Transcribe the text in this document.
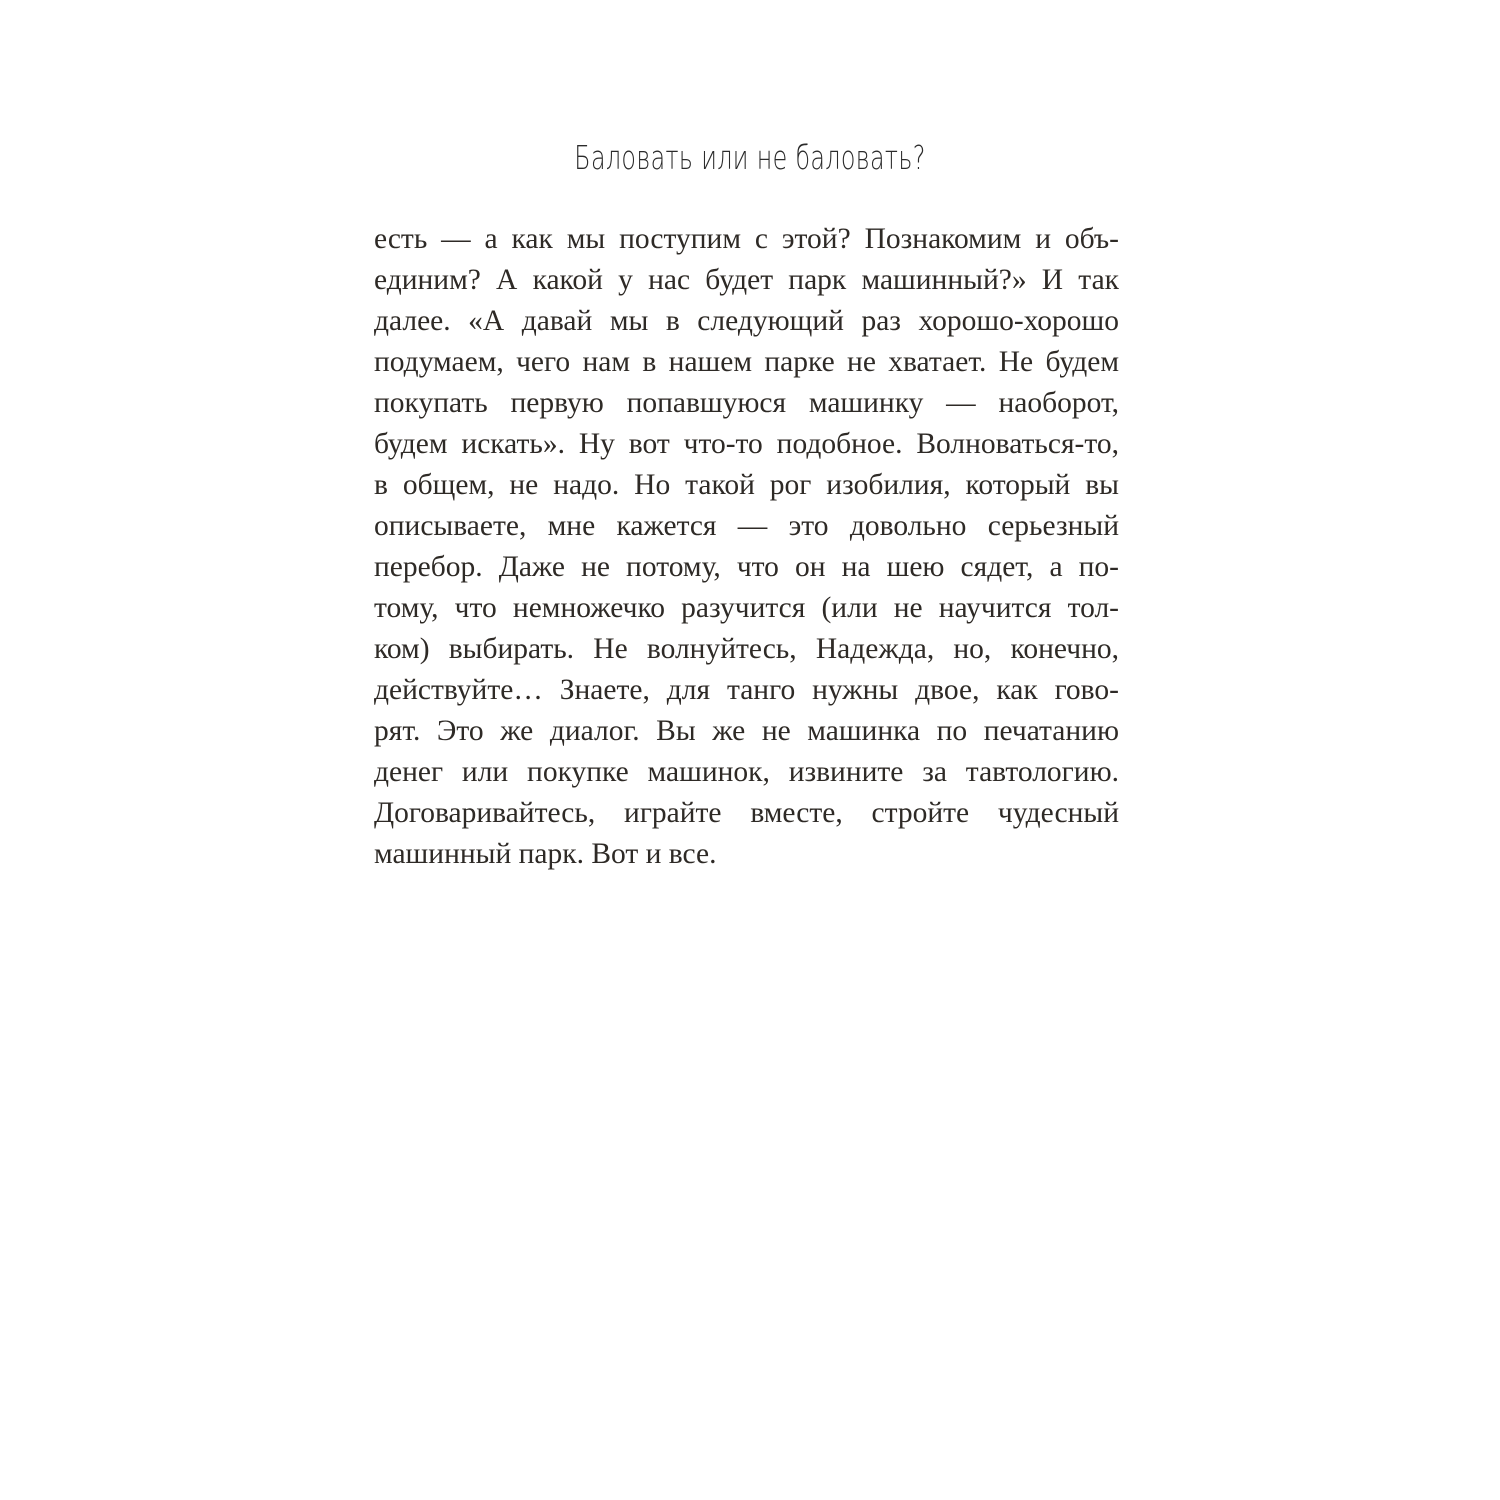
Баловать или не баловать?
есть — а как мы поступим с этой? Познакомим и объ-
единим? А какой у нас будет парк машинный?» И так
далее. «А давай мы в следующий раз хорошо-хорошо
подумаем, чего нам в нашем парке не хватает. Не будем
покупать первую попавшуюся машинку — наоборот,
будем искать». Ну вот что-то подобное. Волноваться-то,
в общем, не надо. Но такой рог изобилия, который вы
описываете, мне кажется — это довольно серьезный
перебор. Даже не потому, что он на шею сядет, а по-
тому, что немножечко разучится (или не научится тол-
ком) выбирать. Не волнуйтесь, Надежда, но, конечно,
действуйте… Знаете, для танго нужны двое, как гово-
рят. Это же диалог. Вы же не машинка по печатанию
денег или покупке машинок, извините за тавтологию.
Договаривайтесь, играйте вместе, стройте чудесный
машинный парк. Вот и все.
